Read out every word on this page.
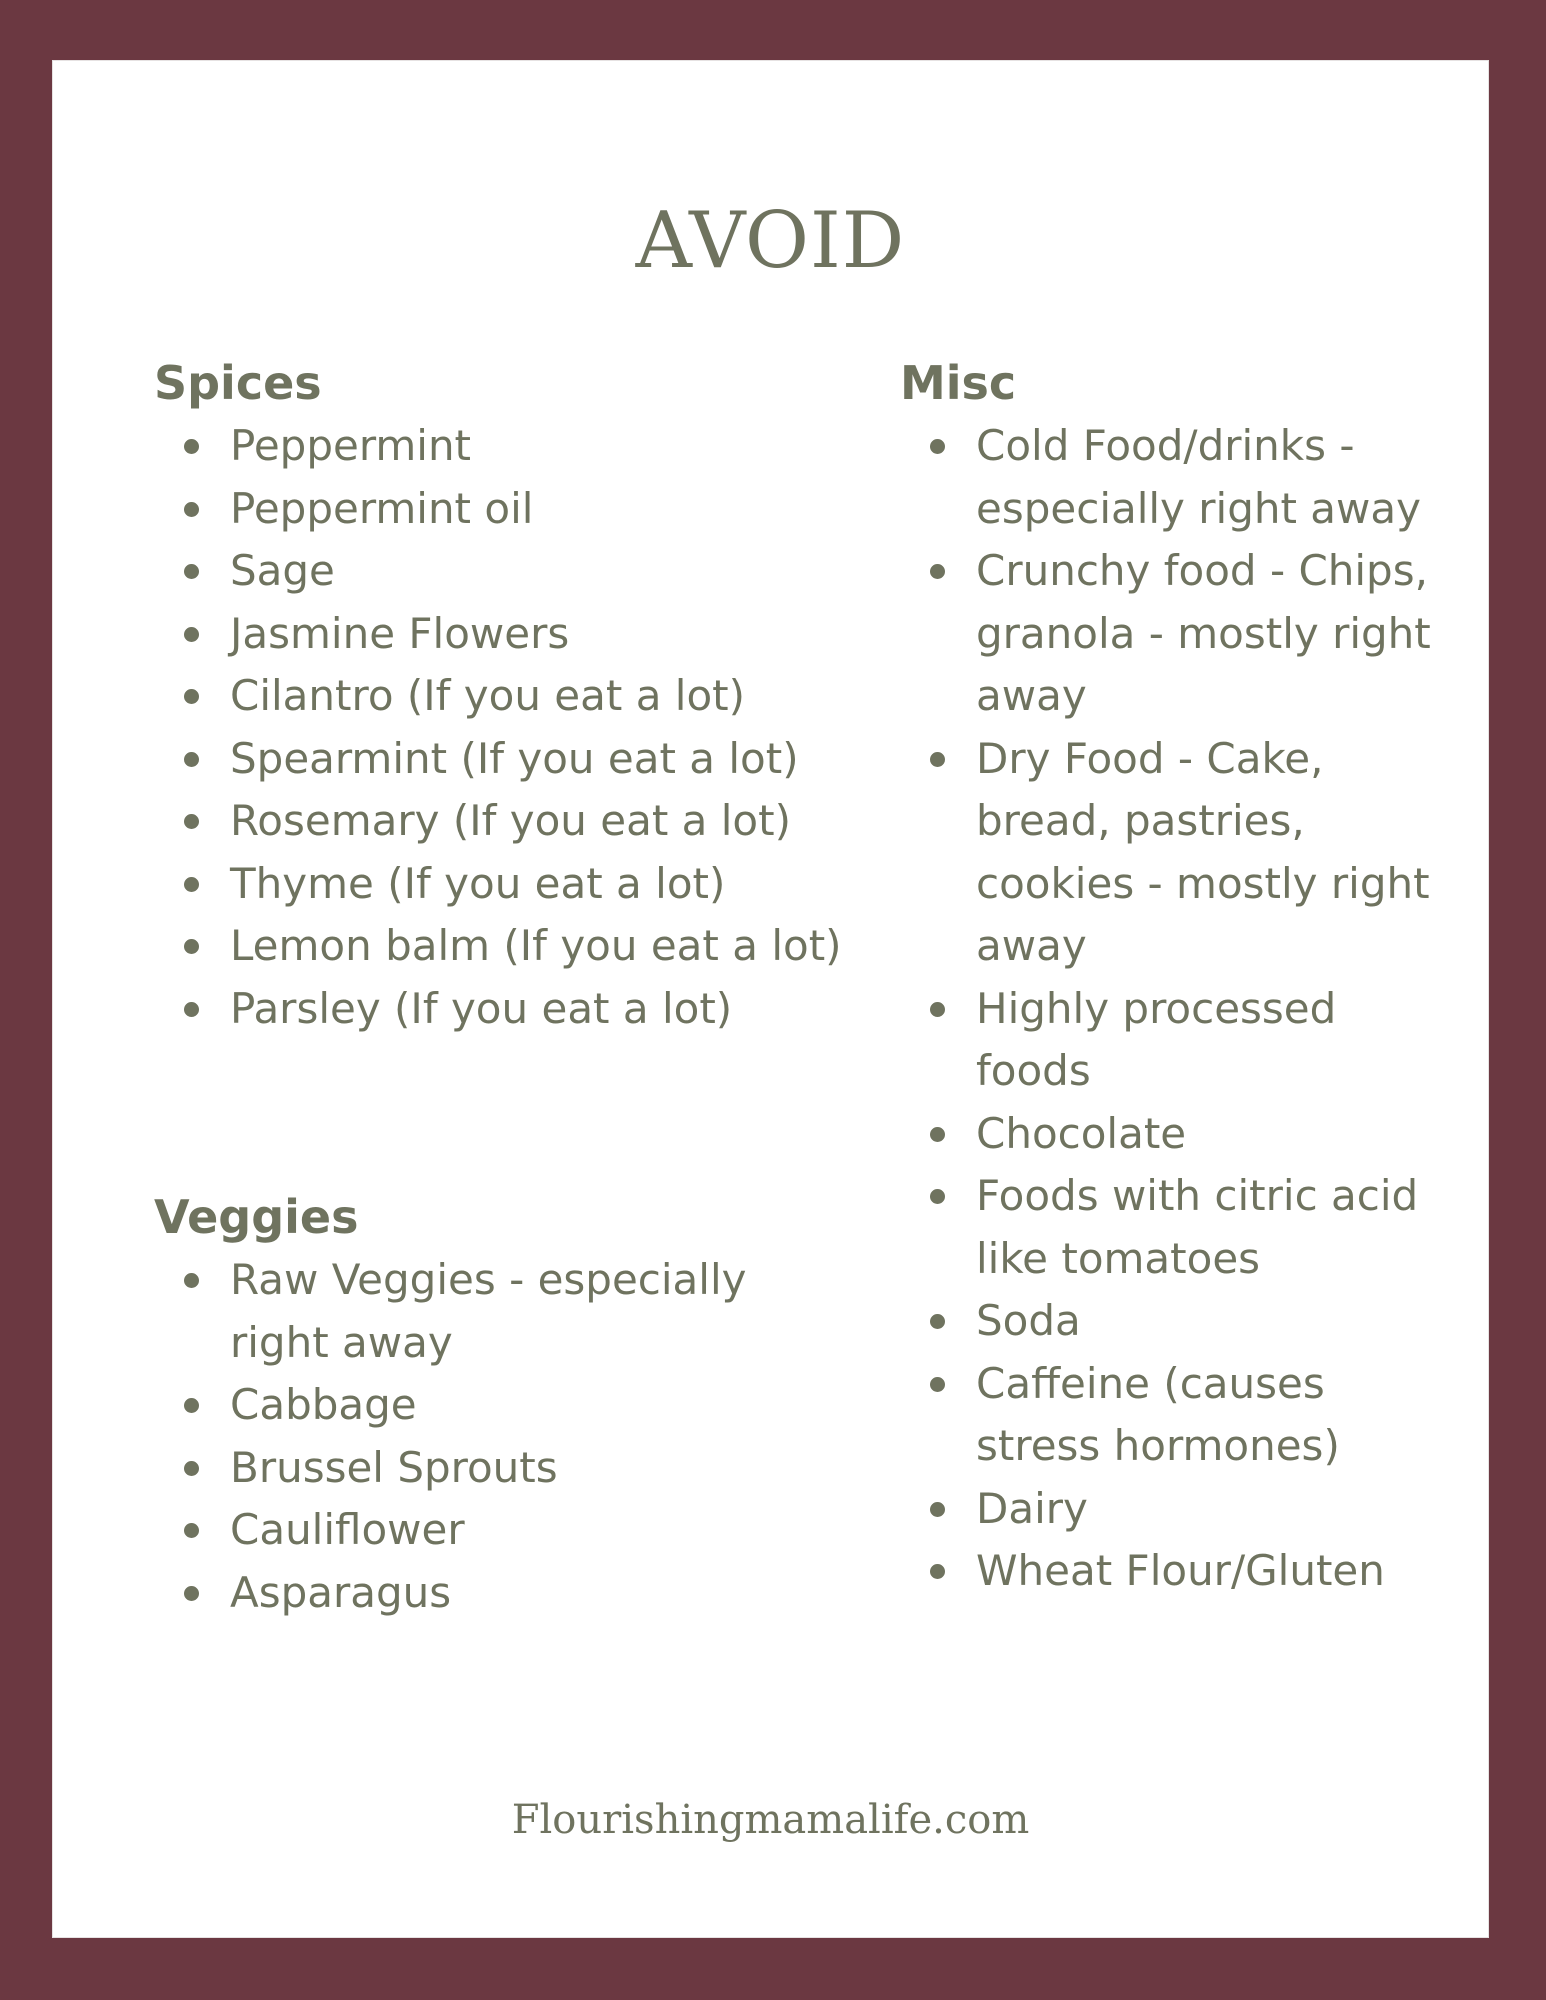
AVOID
Spices
Peppermint
Peppermint oil
Sage
Jasmine Flowers
Cilantro (If you eat a lot)
Spearmint (If you eat a lot)
Rosemary (If you eat a lot)
Thyme (If you eat a lot)
Lemon balm (If you eat a lot)
Parsley (If you eat a lot)
Veggies
Raw Veggies - especially right away
Cabbage
Brussel Sprouts
Cauliflower
Asparagus
Misc
Cold Food/drinks - especially right away
Crunchy food - Chips, granola - mostly right away
Dry Food - Cake, bread, pastries, cookies - mostly right away
Highly processed foods
Chocolate
Foods with citric acid like tomatoes
Soda
Caffeine (causes stress hormones)
Dairy
Wheat Flour/Gluten

Flourishingmamalife.com
